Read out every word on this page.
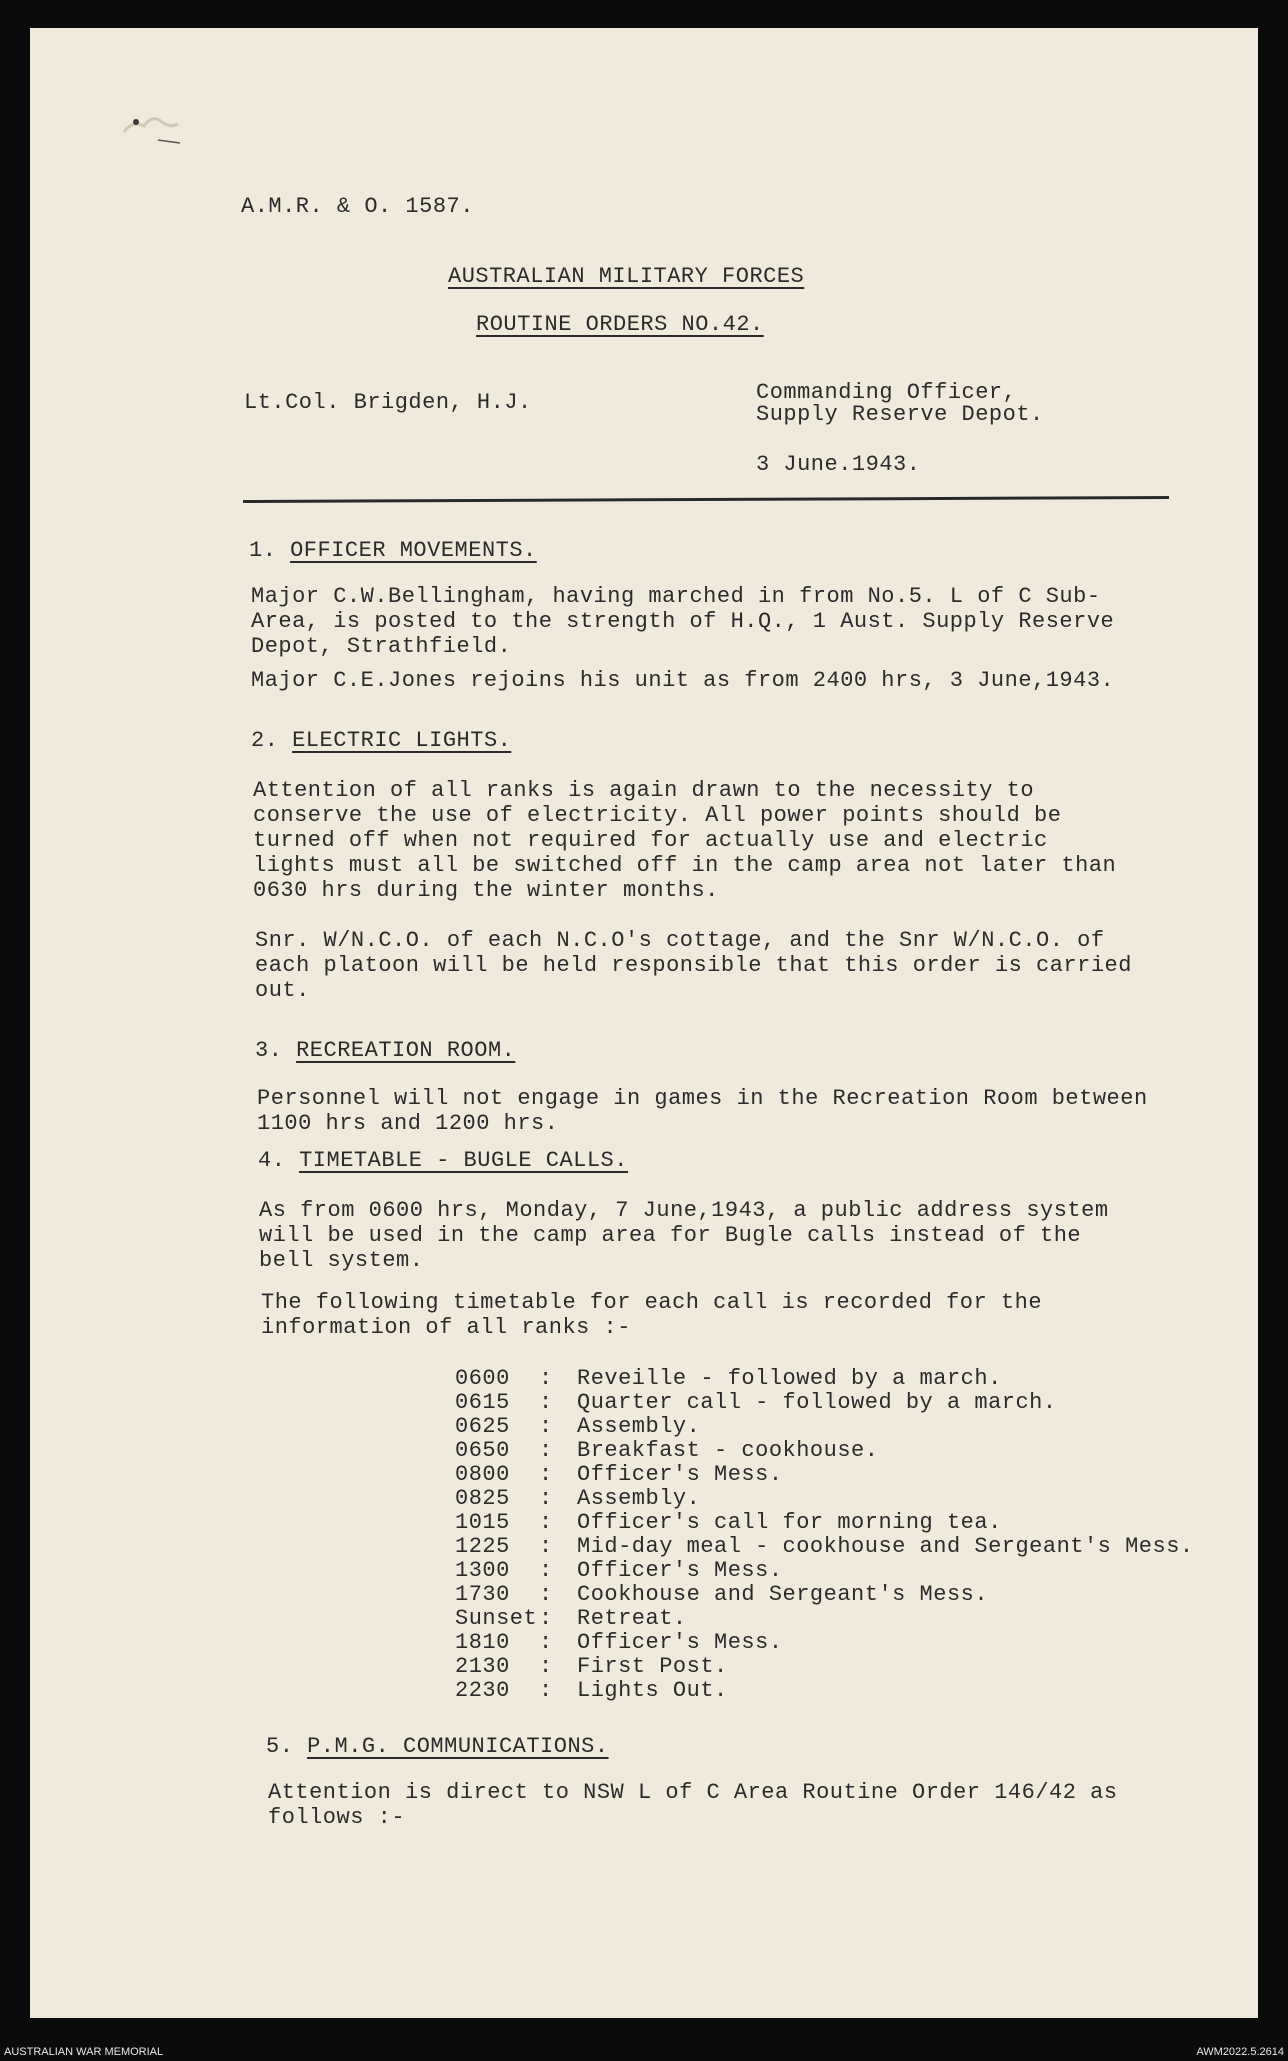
A.M.R. & O. 1587.
AUSTRALIAN MILITARY FORCES
ROUTINE ORDERS NO.42.
Lt.Col. Brigden, H.J.	Commanding Officer,
Supply Reserve Depot.
3 June.1943.
1. OFFICER MOVEMENTS.
Major C.W.Bellingham, having marched in from No.5. L of C Sub-
Area, is posted to the strength of H.Q., 1 Aust. Supply Reserve
Depot, Strathfield.
Major C.E.Jones rejoins his unit as from 2400 hrs, 3 June,1943.
2. ELECTRIC LIGHTS.
Attention of all ranks is again drawn to the necessity to
conserve the use of electricity. All power points should be
turned off when not required for actually use and electric
lights must all be switched off in the camp area not later than
0630 hrs during the winter months.
Snr. W/N.C.O. of each N.C.O's cottage, and the Snr W/N.C.O. of
each platoon will be held responsible that this order is carried
out.
3. RECREATION ROOM.
Personnel will not engage in games in the Recreation Room between
1100 hrs and 1200 hrs.
4. TIMETABLE - BUGLE CALLS.
As from 0600 hrs, Monday, 7 June,1943, a public address system
will be used in the camp area for Bugle calls instead of the
bell system.
The following timetable for each call is recorded for the
information of all ranks :-
0600	:	Reveille - followed by a march.
0615	:	Quarter call - followed by a march.
0625	:	Assembly.
0650	:	Breakfast - cookhouse.
0800	:	Officer's Mess.
0825	:	Assembly.
1015	:	Officer's call for morning tea.
1225	:	Mid-day meal - cookhouse and Sergeant's Mess.
1300	:	Officer's Mess.
1730	:	Cookhouse and Sergeant's Mess.
Sunset :	Retreat.
1810	:	Officer's Mess.
2130	:	First Post.
2230	:	Lights Out.
5. P.M.G. COMMUNICATIONS.
Attention is direct to NSW L of C Area Routine Order 146/42 as
follows :-
AUSTRALIAN WAR MEMORIAL	AWM2022.5.2614
